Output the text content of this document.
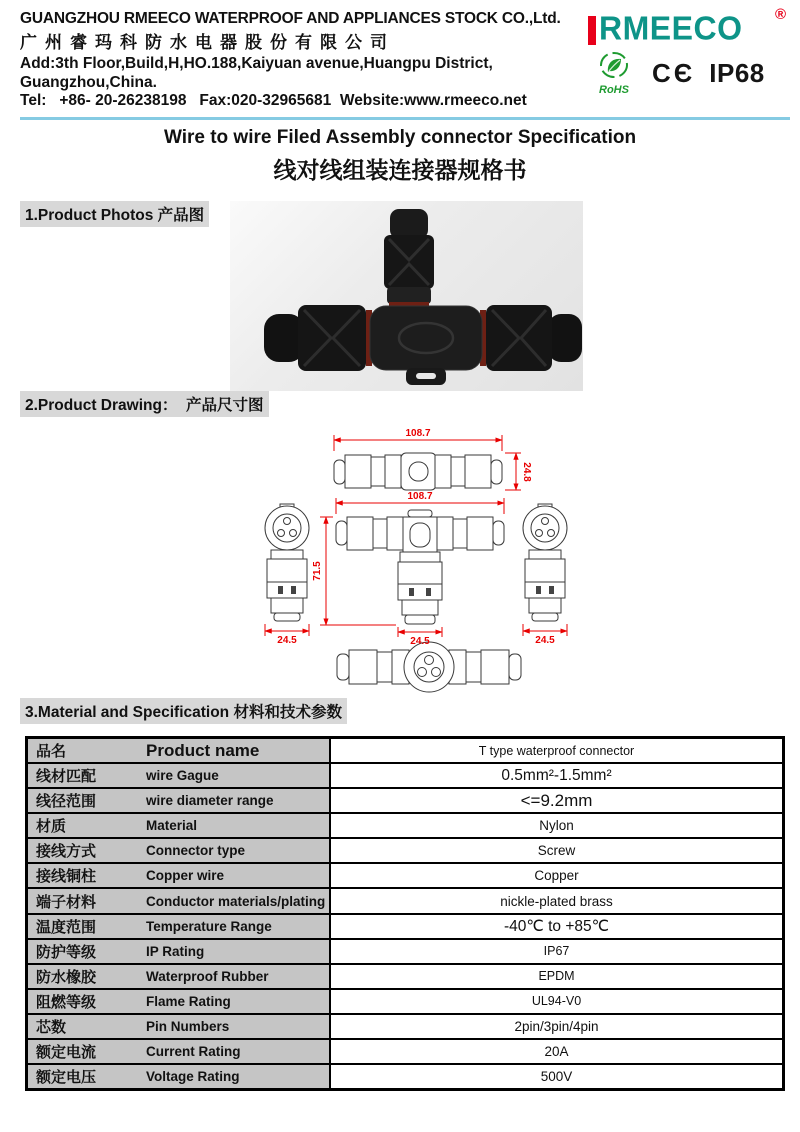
GUANGZHOU RMEECO WATERPROOF AND APPLIANCES STOCK CO.,Ltd.
广州睿玛科防水电器股份有限公司
Add:3th Floor,Build,H,HO.188,Kaiyuan avenue,Huangpu District,
Guangzhou,China.
Tel:   +86- 20-26238198   Fax:020-32965681  Website:www.rmeeco.net
RMEECO ®
RoHS
CЄ IP68
Wire to wire Filed Assembly connector Specification
线对线组装连接器规格书
1.Product Photos 产品图
2.Product Drawing：  产品尺寸图
108.7
24.8
108.7
71.5
24.5	24.5	24.5
3.Material and Specification 材料和技术参数
品名	Product name	T type waterproof connector
线材匹配	wire Gague	0.5mm²-1.5mm²
线径范围	wire diameter range	<=9.2mm
材质	Material	Nylon
接线方式	Connector type	Screw
接线铜柱	Copper wire	Copper
端子材料	Conductor materials/plating	nickle-plated brass
温度范围	Temperature Range	-40℃ to +85℃
防护等级	IP Rating	IP67
防水橡胶	Waterproof Rubber	EPDM
阻燃等级	Flame Rating	UL94-V0
芯数	Pin Numbers	2pin/3pin/4pin
额定电流	Current Rating	20A
额定电压	Voltage Rating	500V
